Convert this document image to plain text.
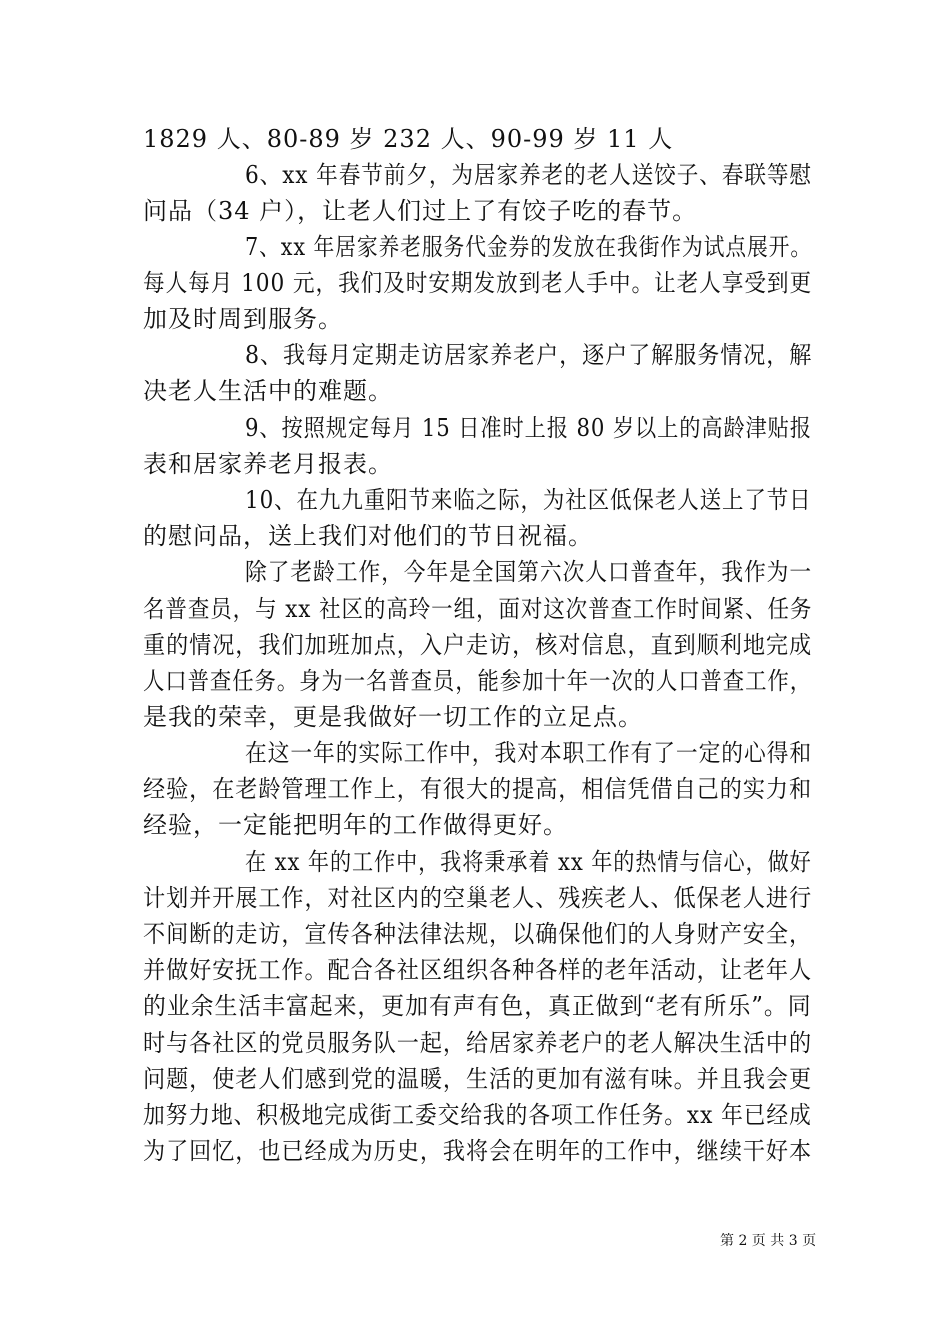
1829 人、80-89 岁 232 人、90-99 岁 11 人
6、xx 年春节前夕，为居家养老的老人送饺子、春联等慰
问品（34 户），让老人们过上了有饺子吃的春节。
7、xx 年居家养老服务代金券的发放在我街作为试点展开。
每人每月 100 元，我们及时安期发放到老人手中。让老人享受到更
加及时周到服务。
8、我每月定期走访居家养老户，逐户了解服务情况，解
决老人生活中的难题。
9、按照规定每月 15 日准时上报 80 岁以上的高龄津贴报
表和居家养老月报表。
10、在九九重阳节来临之际，为社区低保老人送上了节日
的慰问品，送上我们对他们的节日祝福。
除了老龄工作，今年是全国第六次人口普查年，我作为一
名普查员，与 xx 社区的高玲一组，面对这次普查工作时间紧、任务
重的情况，我们加班加点，入户走访，核对信息，直到顺利地完成
人口普查任务。身为一名普查员，能参加十年一次的人口普查工作，
是我的荣幸，更是我做好一切工作的立足点。
在这一年的实际工作中，我对本职工作有了一定的心得和
经验，在老龄管理工作上，有很大的提高，相信凭借自己的实力和
经验，一定能把明年的工作做得更好。
在 xx 年的工作中，我将秉承着 xx 年的热情与信心，做好
计划并开展工作，对社区内的空巢老人、残疾老人、低保老人进行
不间断的走访，宣传各种法律法规，以确保他们的人身财产安全，
并做好安抚工作。配合各社区组织各种各样的老年活动，让老年人
的业余生活丰富起来，更加有声有色，真正做到“老有所乐”。同
时与各社区的党员服务队一起，给居家养老户的老人解决生活中的
问题，使老人们感到党的温暖，生活的更加有滋有味。并且我会更
加努力地、积极地完成街工委交给我的各项工作任务。xx 年已经成
为了回忆，也已经成为历史，我将会在明年的工作中，继续干好本
第 2 页 共 3 页
